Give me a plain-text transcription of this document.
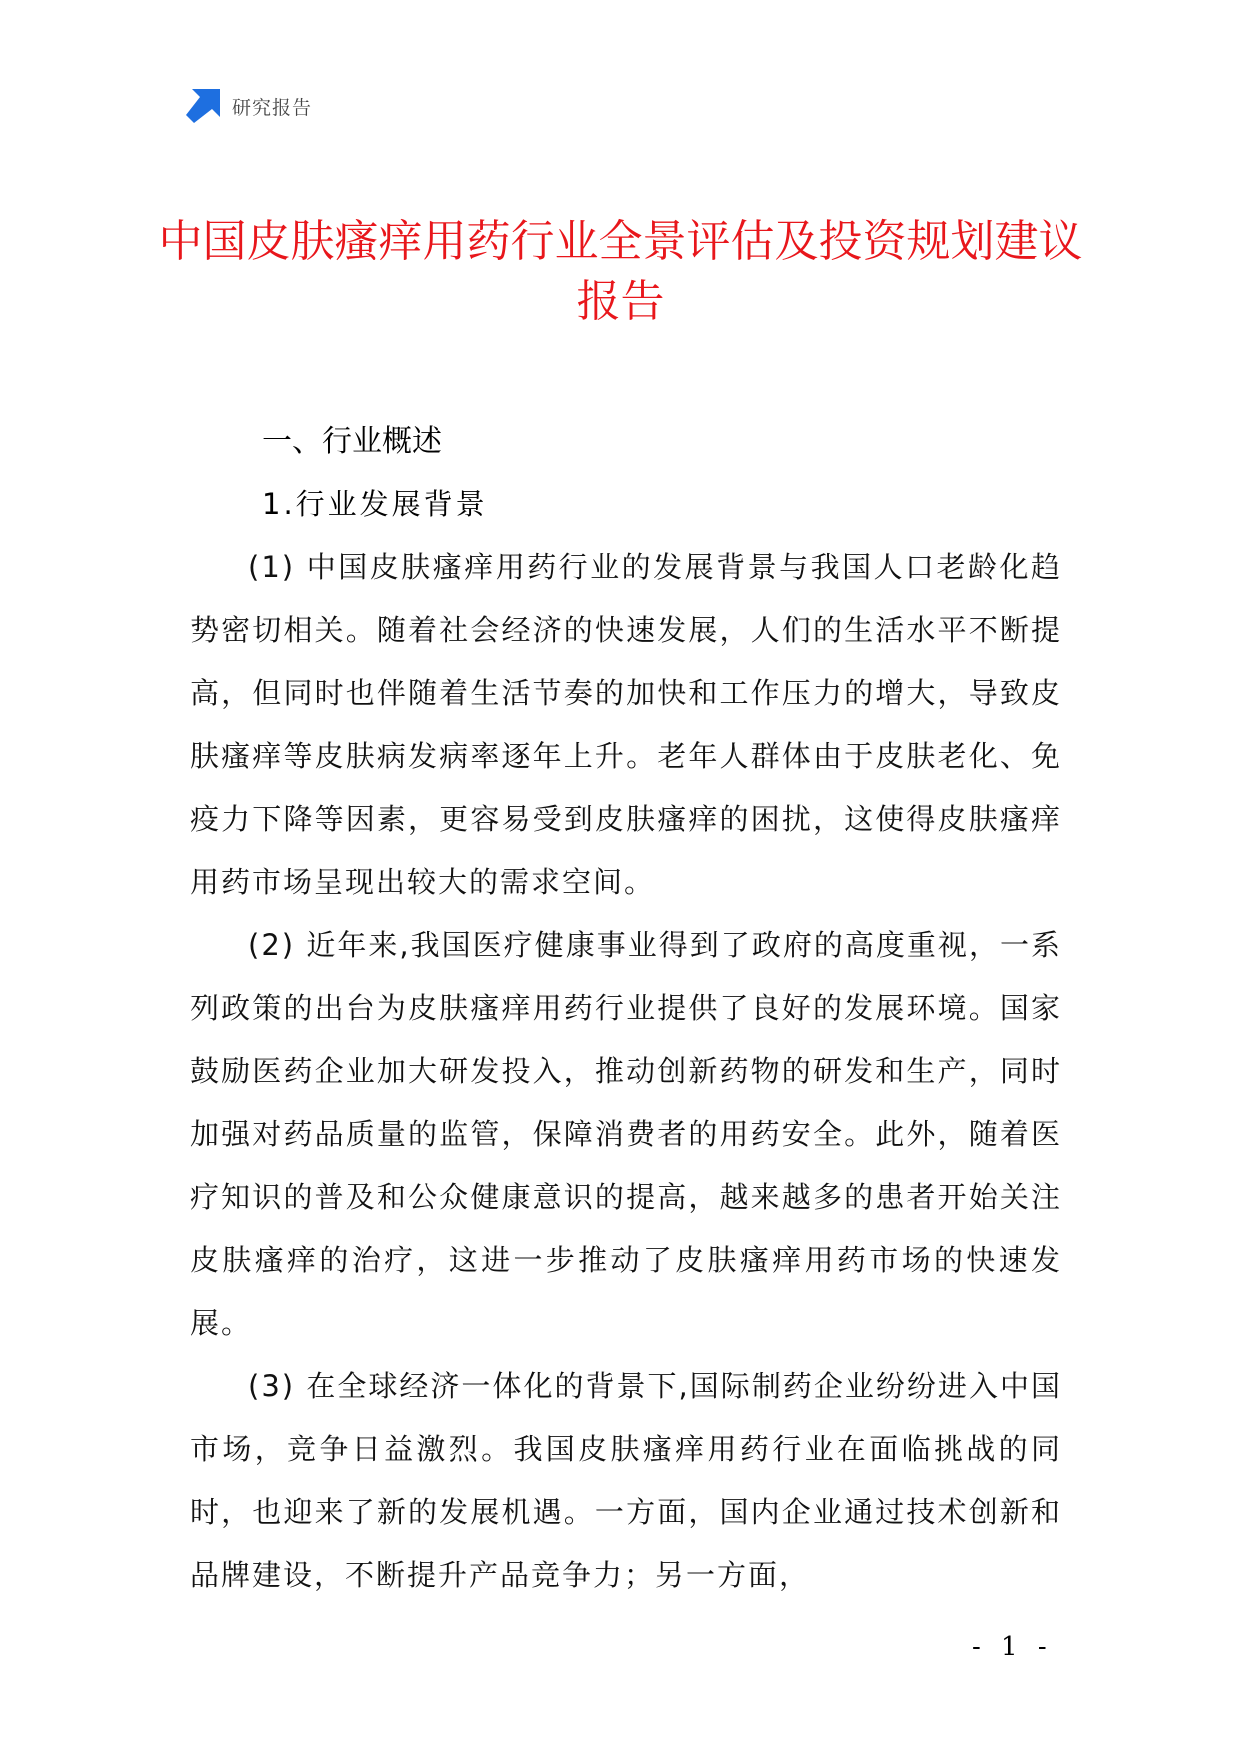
研究报告
中国皮肤瘙痒用药行业全景评估及投资规划建议报告
一、行业概述
1.行业发展背景

(1) 中国皮肤瘙痒用药行业的发展背景与我国人口老龄化趋势密切相关。随着社会经济的快速发展，人们的生活水平不断提高，但同时也伴随着生活节奏的加快和工作压力的增大，导致皮肤瘙痒等皮肤病发病率逐年上升。老年人群体由于皮肤老化、免疫力下降等因素，更容易受到皮肤瘙痒的困扰，这使得皮肤瘙痒用药市场呈现出较大的需求空间。

(2) 近年来,我国医疗健康事业得到了政府的高度重视，一系列政策的出台为皮肤瘙痒用药行业提供了良好的发展环境。国家鼓励医药企业加大研发投入，推动创新药物的研发和生产，同时加强对药品质量的监管，保障消费者的用药安全。此外，随着医疗知识的普及和公众健康意识的提高，越来越多的患者开始关注皮肤瘙痒的治疗，这进一步推动了皮肤瘙痒用药市场的快速发展。

(3) 在全球经济一体化的背景下,国际制药企业纷纷进入中国市场，竞争日益激烈。我国皮肤瘙痒用药行业在面临挑战的同时，也迎来了新的发展机遇。一方面，国内企业通过技术创新和品牌建设，不断提升产品竞争力；另一方面，

- 1 -
